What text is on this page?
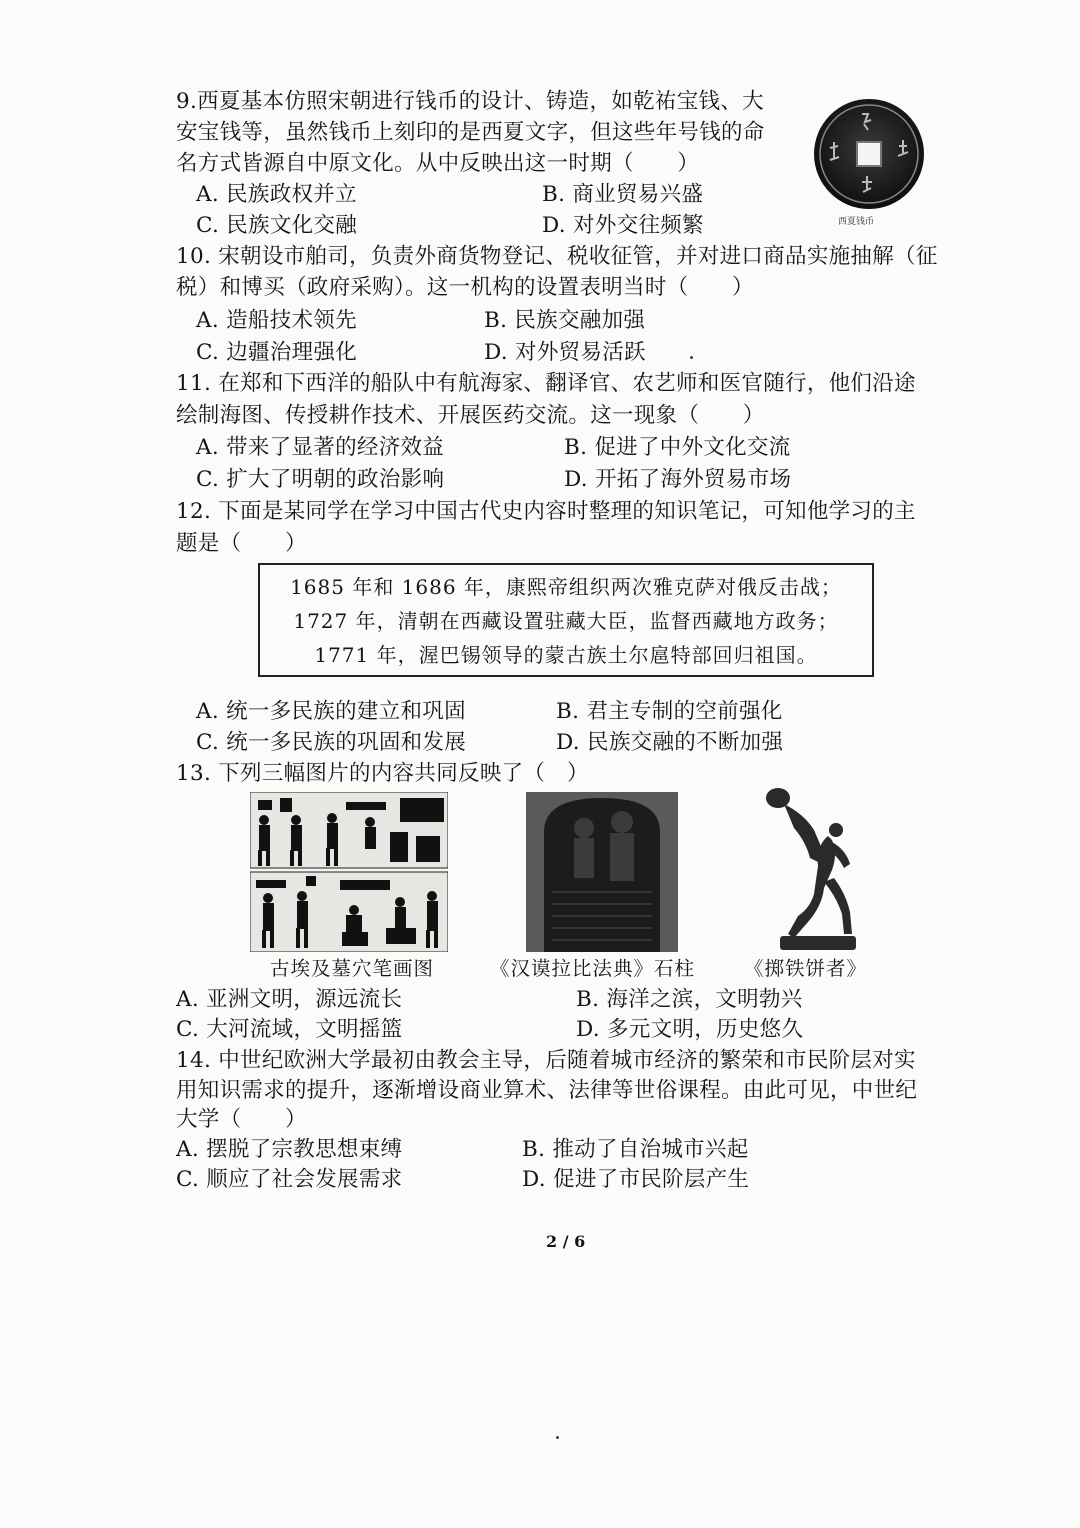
9.西夏基本仿照宋朝进行钱币的设计、铸造，如乾祐宝钱、大
安宝钱等，虽然钱币上刻印的是西夏文字，但这些年号钱的命
名方式皆源自中原文化。从中反映出这一时期（　　）
A. 民族政权并立	B. 商业贸易兴盛
C. 民族文化交融	D. 对外交往频繁	西夏钱币
10. 宋朝设市舶司，负责外商货物登记、税收征管，并对进口商品实施抽解（征
税）和博买（政府采购）。这一机构的设置表明当时（　　）
A. 造船技术领先	B. 民族交融加强
C. 边疆治理强化	D. 对外贸易活跃
11. 在郑和下西洋的船队中有航海家、翻译官、农艺师和医官随行，他们沿途
绘制海图、传授耕作技术、开展医药交流。这一现象（　　）
A. 带来了显著的经济效益	B. 促进了中外文化交流
C. 扩大了明朝的政治影响	D. 开拓了海外贸易市场
12. 下面是某同学在学习中国古代史内容时整理的知识笔记，可知他学习的主
题是（　　）
1685 年和 1686 年，康熙帝组织两次雅克萨对俄反击战；
1727 年，清朝在西藏设置驻藏大臣，监督西藏地方政务；
1771 年，渥巴锡领导的蒙古族土尔扈特部回归祖国。
A. 统一多民族的建立和巩固	B. 君主专制的空前强化
C. 统一多民族的巩固和发展	D. 民族交融的不断加强
13. 下列三幅图片的内容共同反映了（　）
古埃及墓穴笔画图	《汉谟拉比法典》石柱	《掷铁饼者》
A. 亚洲文明，源远流长	B. 海洋之滨，文明勃兴
C. 大河流域，文明摇篮	D. 多元文明，历史悠久
14. 中世纪欧洲大学最初由教会主导，后随着城市经济的繁荣和市民阶层对实
用知识需求的提升，逐渐增设商业算术、法律等世俗课程。由此可见，中世纪
大学（　　）
A. 摆脱了宗教思想束缚	B. 推动了自治城市兴起
C. 顺应了社会发展需求	D. 促进了市民阶层产生
2 / 6
